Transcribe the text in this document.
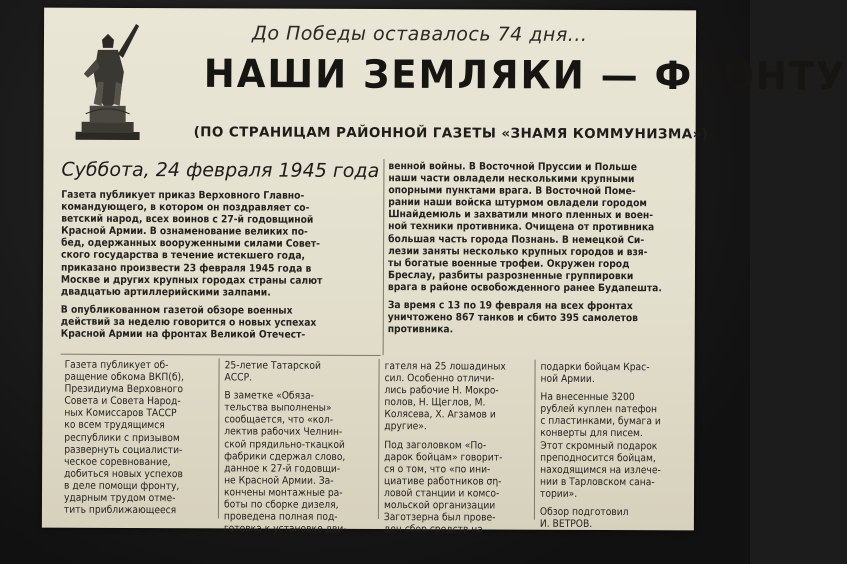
До Победы оставалось 74 дня...
НАШИ ЗЕМЛЯКИ — ФРОНТУ
(ПО СТРАНИЦАМ РАЙОННОЙ ГАЗЕТЫ «ЗНАМЯ КОММУНИЗМА»)
Суббота, 24 февраля 1945 года
Газета публикует приказ Верховного Главно-
командующего, в котором он поздравляет со-
ветский народ, всех воинов с 27-й годовщиной
Красной Армии. В ознаменование великих по-
бед, одержанных вооруженными силами Совет-
ского государства в течение истекшего года,
приказано произвести 23 февраля 1945 года в
Москве и других крупных городах страны салют
двадцатью артиллерийскими залпами.
В опубликованном газетой обзоре военных
действий за неделю говорится о новых успехах
Красной Армии на фронтах Великой Отечест-
венной войны. В Восточной Пруссии и Польше
наши части овладели несколькими крупными
опорными пунктами врага. В Восточной Поме-
рании наши войска штурмом овладели городом
Шнайдемюль и захватили много пленных и воен-
ной техники противника. Очищена от противника
большая часть города Познань. В немецкой Си-
лезии заняты несколько крупных городов и взя-
ты богатые военные трофеи. Окружен город
Бреслау, разбиты разрозненные группировки
врага в районе освобожденного ранее Будапешта.
За время с 13 по 19 февраля на всех фронтах
уничтожено 867 танков и сбито 395 самолетов
противника.
Газета публикует об-
ращение обкома ВКП(б),
Президиума Верховного
Совета и Совета Народ-
ных Комиссаров ТАССР
ко всем трудящимся
республики с призывом
развернуть социалисти-
ческое соревнование,
добиться новых успехов
в деле помощи фронту,
ударным трудом отме-
тить приближающееся
25-летие Татарской
АССР.
В заметке «Обяза-
тельства выполнены»
сообщается, что «кол-
лектив рабочих Челнин-
ской прядильно-ткацкой
фабрики сдержал слово,
данное к 27-й годовщи-
не Красной Армии. За-
кончены монтажные ра-
боты по сборке дизеля,
проведена полная под-
готовка к установке дви-
гателя на 25 лошадиных
сил. Особенно отличи-
лись рабочие Н. Мокро-
полов, Н. Щеглов, М.
Колясева, Х. Агзамов и
другие».
Под заголовком «По-
дарок бойцам» говорит-
ся о том, что «по ини-
циативе работников ση-
ловой станции и комсо-
мольской организации
Заготзерна был прове-
ден сбор средств на
подарки бойцам Крас-
ной Армии.
На внесенные 3200
рублей куплен патефон
с пластинками, бумага и
конверты для писем.
Этот скромный подарок
преподносится бойцам,
находящимся на излече-
нии в Тарловском сана-
тории».
Обзор подготовил
И. ВЕТРОВ.
